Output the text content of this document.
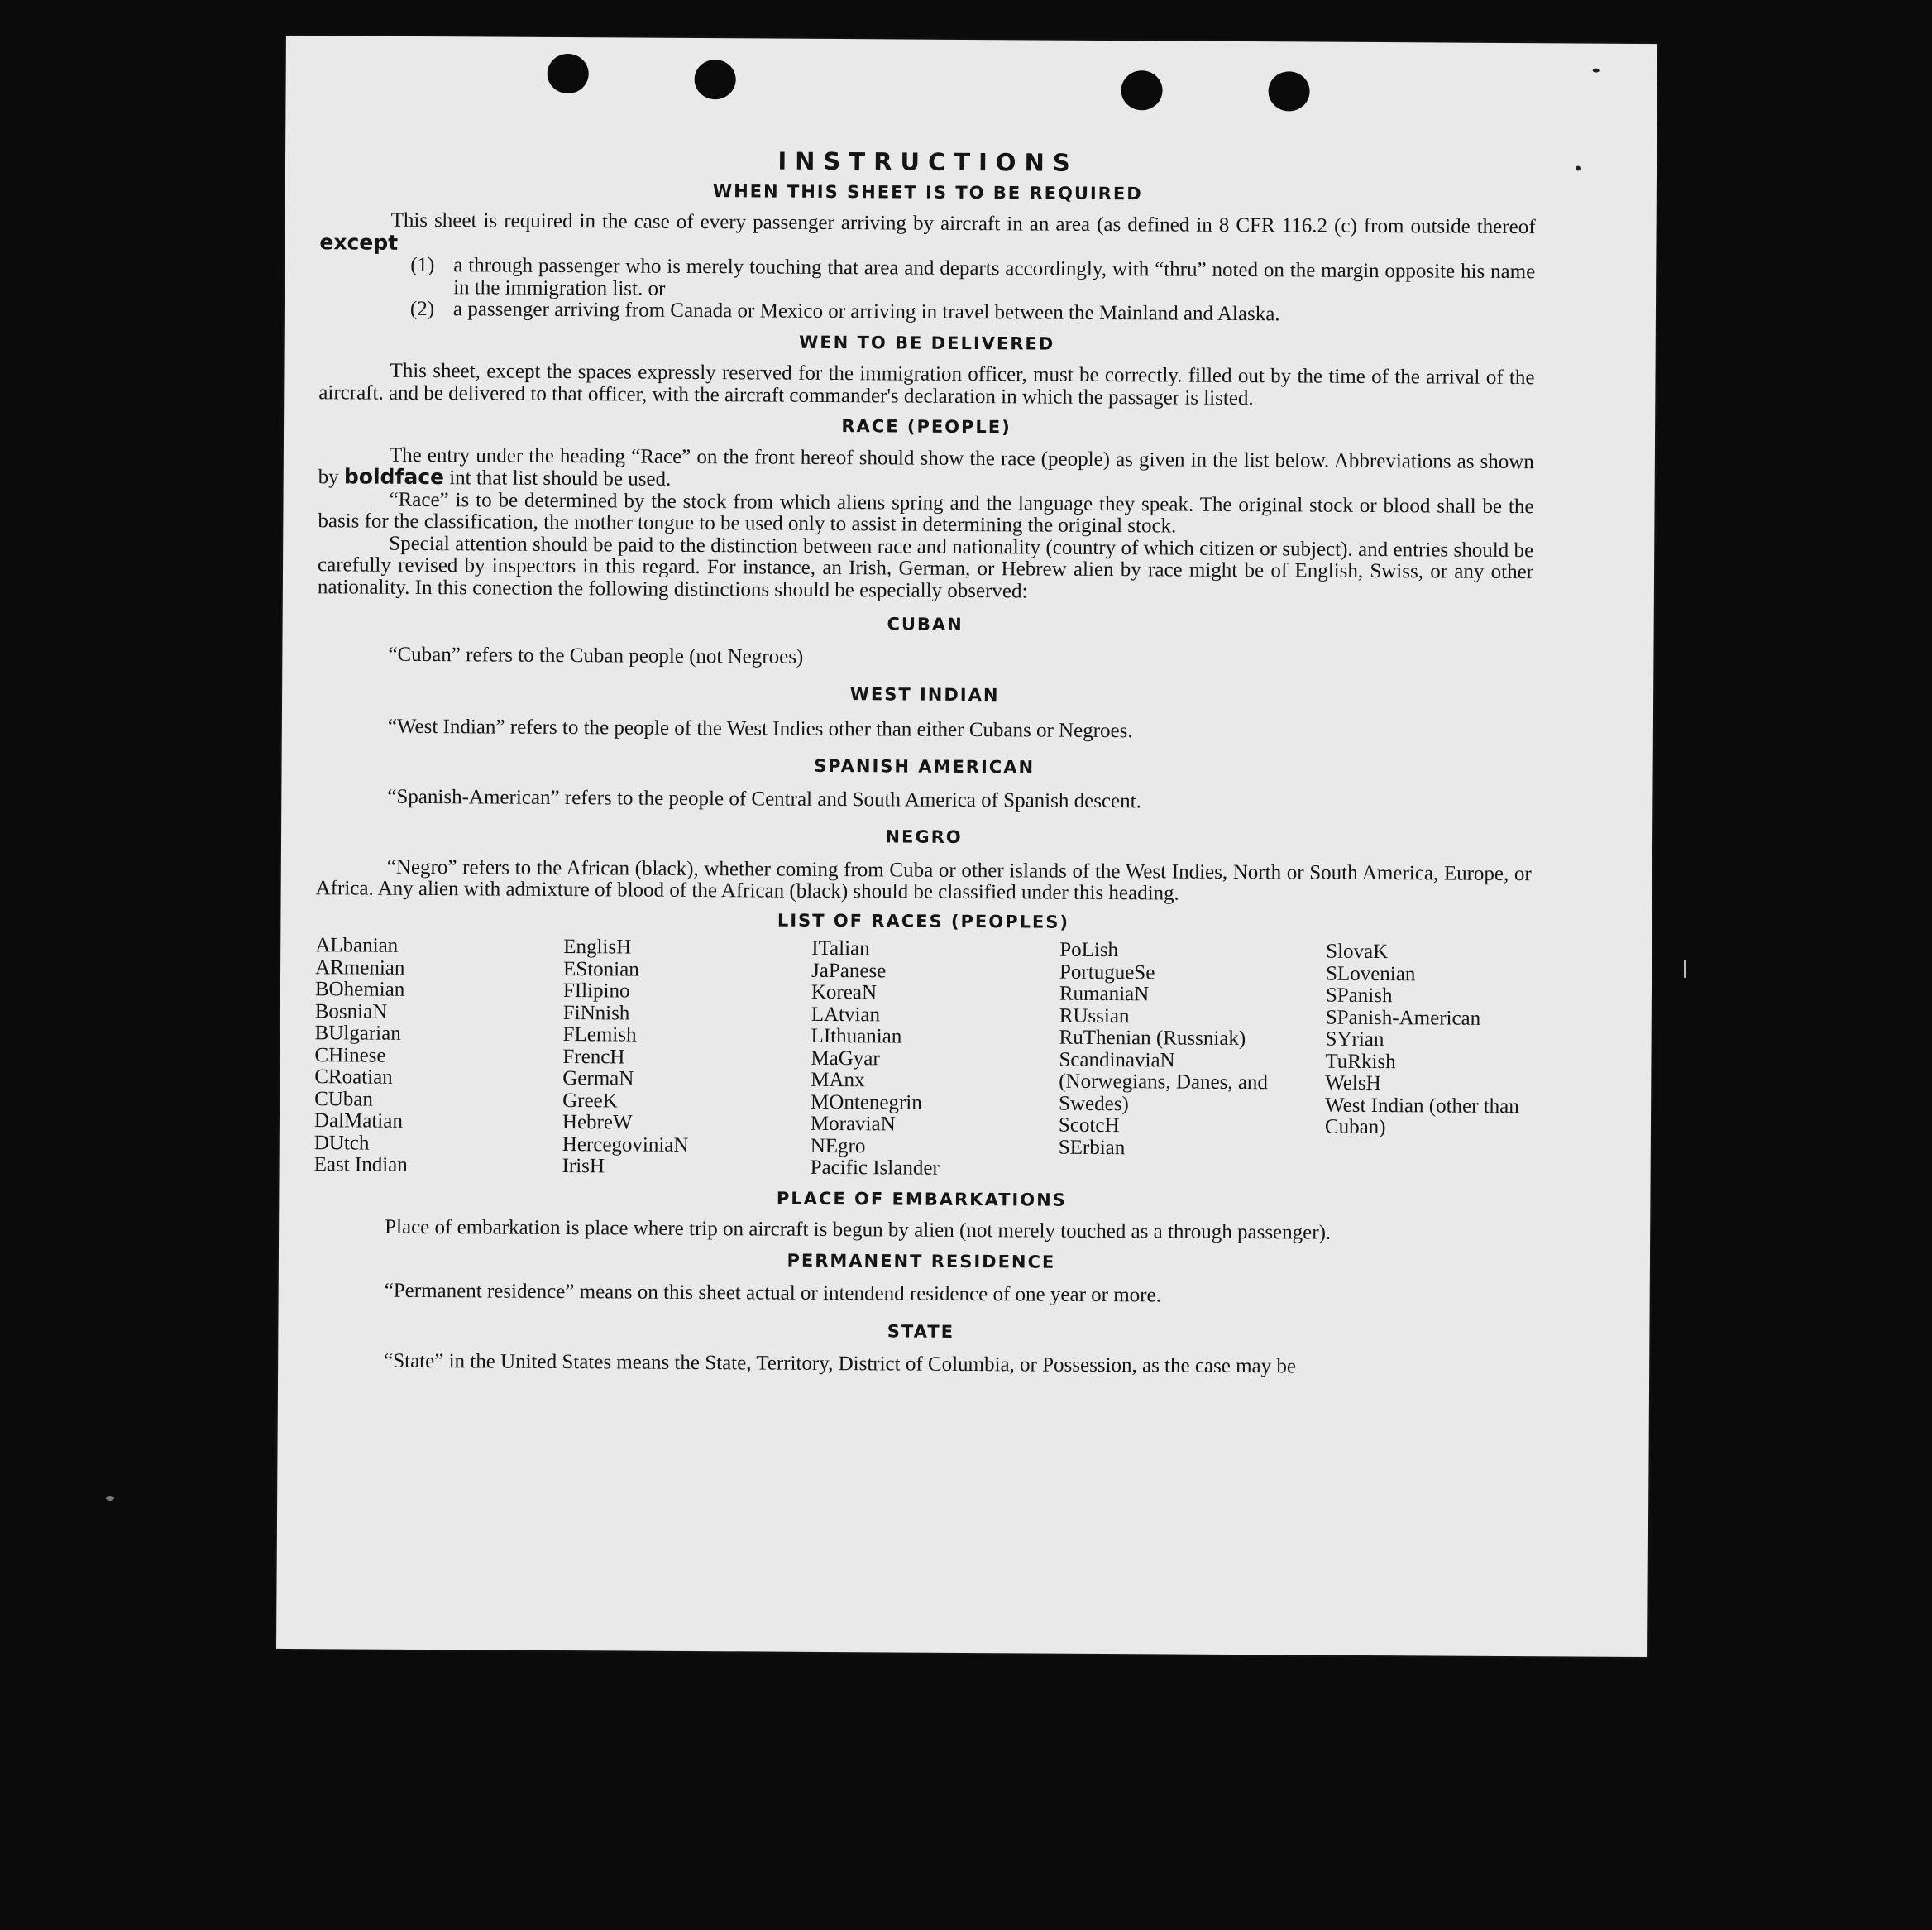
INSTRUCTIONS
WHEN THIS SHEET IS TO BE REQUIRED

This sheet is required in the case of every passenger arriving by aircraft in an area (as defined in 8 CFR 116.2 (c) from outside thereof except

(1) a through passenger who is merely touching that area and departs accordingly, with “thru” noted on the margin opposite his name in the immigration list. or
(2) a passenger arriving from Canada or Mexico or arriving in travel between the Mainland and Alaska.
WEN TO BE DELIVERED

This sheet, except the spaces expressly reserved for the immigration officer, must be correctly. filled out by the time of the arrival of the aircraft. and be delivered to that officer, with the aircraft commander's declaration in which the passager is listed.

RACE (PEOPLE)

The entry under the heading “Race” on the front hereof should show the race (people) as given in the list below. Abbreviations as shown by boldface int that list should be used.

“Race” is to be determined by the stock from which aliens spring and the language they speak. The original stock or blood shall be the basis for the classification, the mother tongue to be used only to assist in determining the original stock.

Special attention should be paid to the distinction between race and nationality (country of which citizen or subject). and entries should be carefully revised by inspectors in this regard. For instance, an Irish, German, or Hebrew alien by race might be of English, Swiss, or any other nationality. In this conection the following distinctions should be especially observed:

CUBAN

“Cuban” refers to the Cuban people (not Negroes)

WEST INDIAN

“West Indian” refers to the people of the West Indies other than either Cubans or Negroes.

SPANISH AMERICAN

“Spanish-American” refers to the people of Central and South America of Spanish descent.

NEGRO

“Negro” refers to the African (black), whether coming from Cuba or other islands of the West Indies, North or South America, Europe, or Africa. Any alien with admixture of blood of the African (black) should be classified under this heading.

LIST OF RACES (PEOPLES)
ALbanian
ARmenian
BOhemian
BosniaN
BUlgarian
CHinese
CRoatian
CUban
DalMatian
DUtch
East Indian
EnglisH
EStonian
FIlipino
FiNnish
FLemish
FrencH
GermaN
GreeK
HebreW
HercegoviniaN
IrisH
ITalian
JaPanese
KoreaN
LAtvian
LIthuanian
MaGyar
MAnx
MOntenegrin
MoraviaN
NEgro
Pacific Islander
PoLish
PortugueSe
RumaniaN
RUssian
RuThenian (Russniak)
ScandinaviaN (Norwegians, Danes, and Swedes)
ScotcH
SErbian
SlovaK
SLovenian
SPanish
SPanish-American
SYrian
TuRkish
WelsH
West Indian (other than Cuban)
PLACE OF EMBARKATIONS

Place of embarkation is place where trip on aircraft is begun by alien (not merely touched as a through passenger).

PERMANENT RESIDENCE

“Permanent residence” means on this sheet actual or intendend residence of one year or more.

STATE

“State” in the United States means the State, Territory, District of Columbia, or Possession, as the case may be
